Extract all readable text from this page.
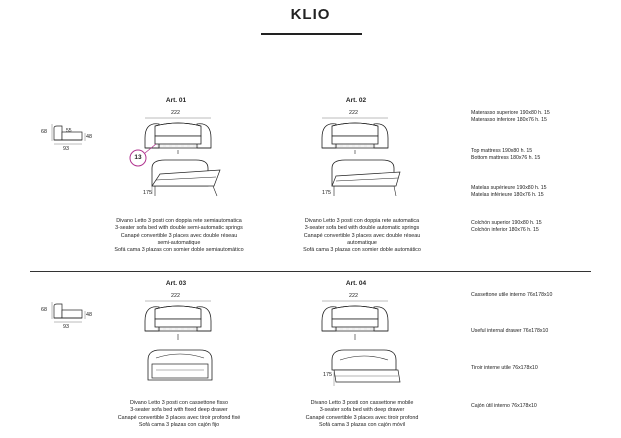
KLIO
68
93
48
55
68
93
48
13
Art. 01
222
175
Divano Letto 3 posti con doppia rete semiautomatica
3-seater sofa bed with double semi-automatic springs
Canapé convertible 3 places avec double réseau
semi-automatique
Sofá cama 3 plazas con somier doble semiautomático
Art. 02
222
175
Divano Letto 3 posti con doppia rete automatica
3-seater sofa bed with double automatic springs
Canapé convertible 3 places avec double réseau
automatique
Sofá cama 3 plazas con somier doble automático
Art. 03
222
Divano Letto 3 posti con cassettone fisso
3-seater sofa bed with fixed deep drawer
Canapé convertible 3 places avec tiroir profond fixé
Sofá cama 3 plazas con cajón fijo
Art. 04
222
175
Divano Letto 3 posti con cassettone mobile
3-seater sofa bed with deep drawer
Canapé convertible 3 places avec tiroir profond
Sofá cama 3 plazas con cajón móvil
Materasso superiore 190x80 h. 15
Materasso inferiore 180x76 h. 15
Top mattress 190x80 h. 15
Bottom mattress 180x76 h. 15
Matelas supérieure 190x80 h. 15
Matelas inférieure 180x76 h. 15
Colchón superior 190x80 h. 15
Colchón inferior 180x76 h. 15
Cassettone utile interno 76x178x10
Useful internal drawer 76x178x10
Tiroir interne utile 76x178x10
Cajón útil interno 76x178x10
